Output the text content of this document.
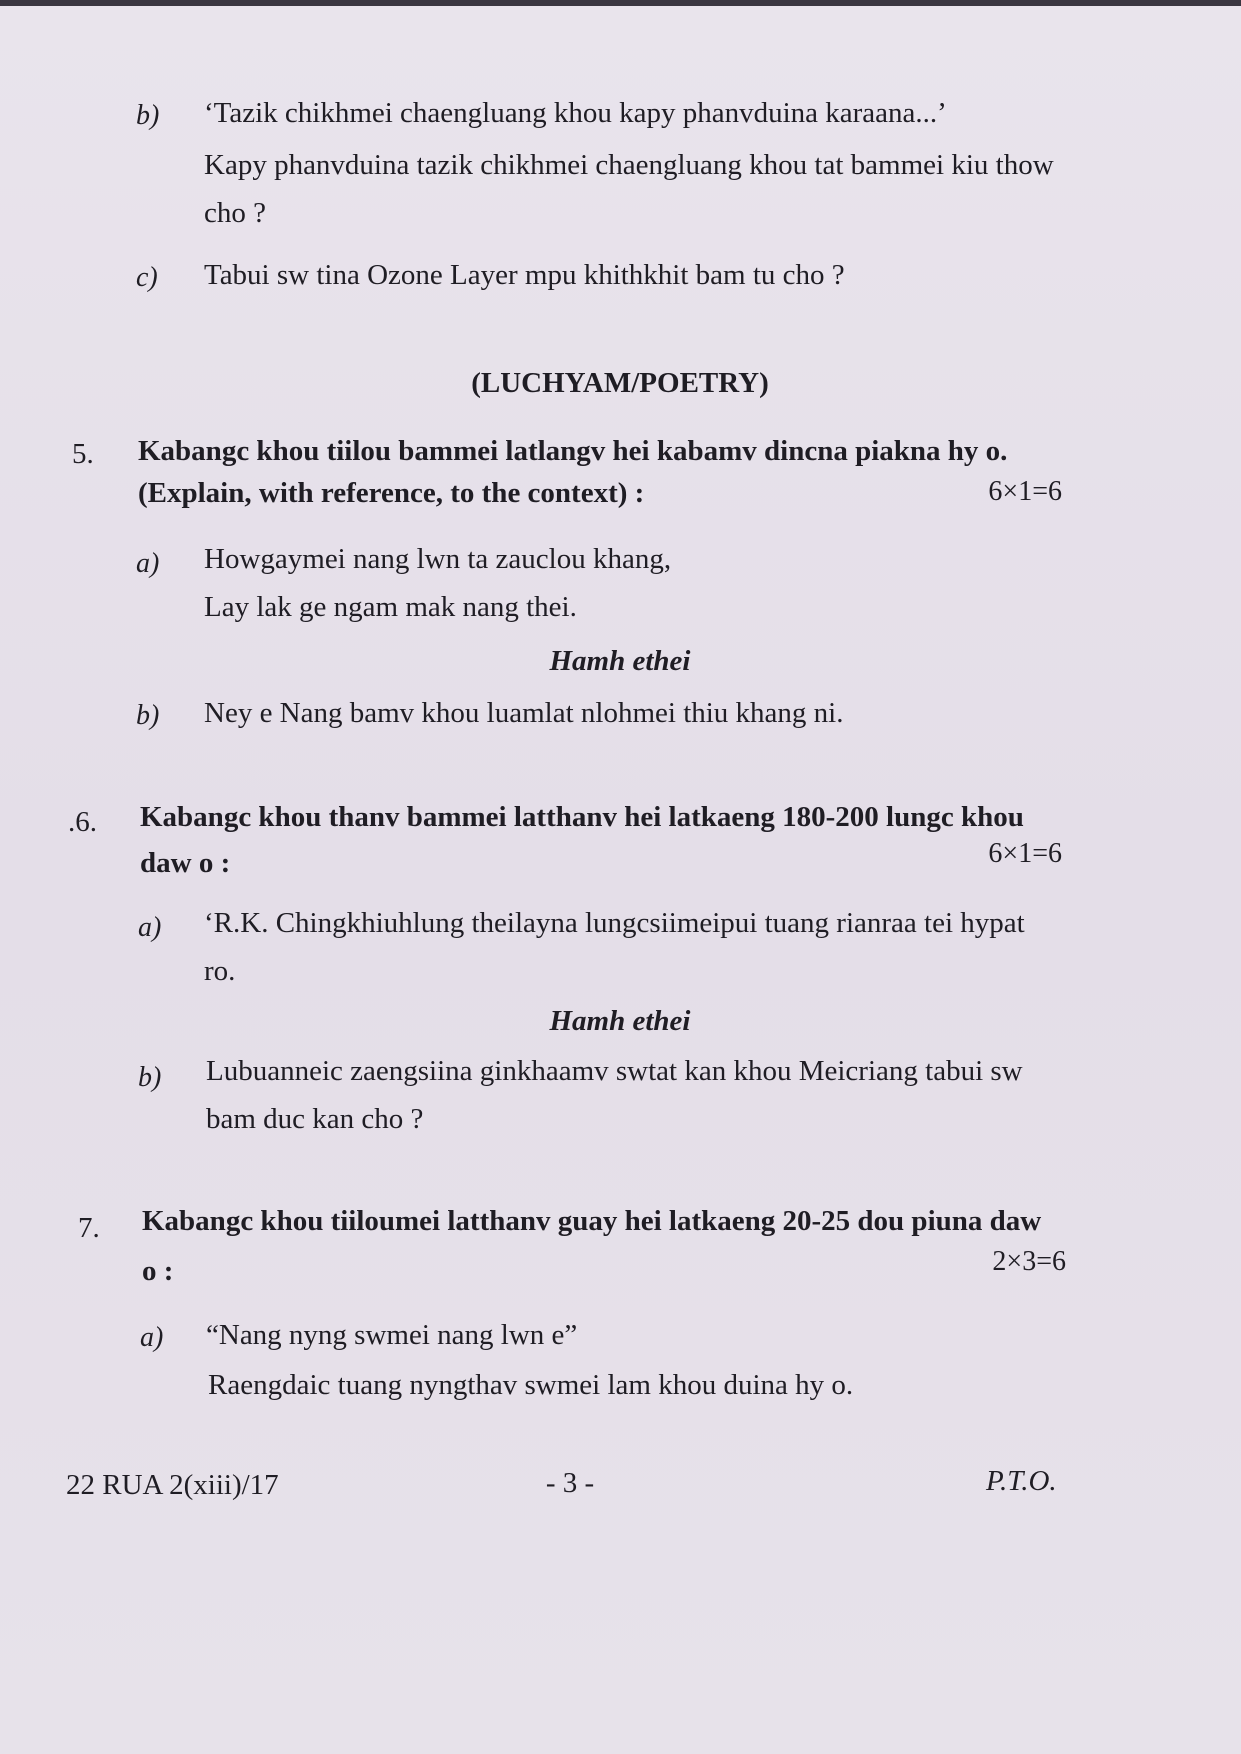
b) ‘Tazik chikhmei chaengluang khou kapy phanvduina karaana...’
Kapy phanvduina tazik chikhmei chaengluang khou tat bammei kiu thow
cho ?
c) Tabui sw tina Ozone Layer mpu khithkhit bam tu cho ?
(LUCHYAM/POETRY)
5. Kabangc khou tiilou bammei latlangv hei kabamv dincna piakna hy o.
(Explain, with reference, to the context) :	6×1=6
a) Howgaymei nang lwn ta zauclou khang,
Lay lak ge ngam mak nang thei.
Hamh ethei
b) Ney e Nang bamv khou luamlat nlohmei thiu khang ni.
.6. Kabangc khou thanv bammei latthanv hei latkaeng 180-200 lungc khou
daw o :	6×1=6
a) ‘R.K. Chingkhiuhlung theilayna lungcsiimeipui tuang rianraa tei hypat
ro.
Hamh ethei
b) Lubuanneic zaengsiina ginkhaamv swtat kan khou Meicriang tabui sw
bam duc kan cho ?
7. Kabangc khou tiiloumei latthanv guay hei latkaeng 20-25 dou piuna daw
o :	2×3=6
a) “Nang nyng swmei nang lwn e”
Raengdaic tuang nyngthav swmei lam khou duina hy o.
22 RUA 2(xiii)/17	- 3 -	P.T.O.
